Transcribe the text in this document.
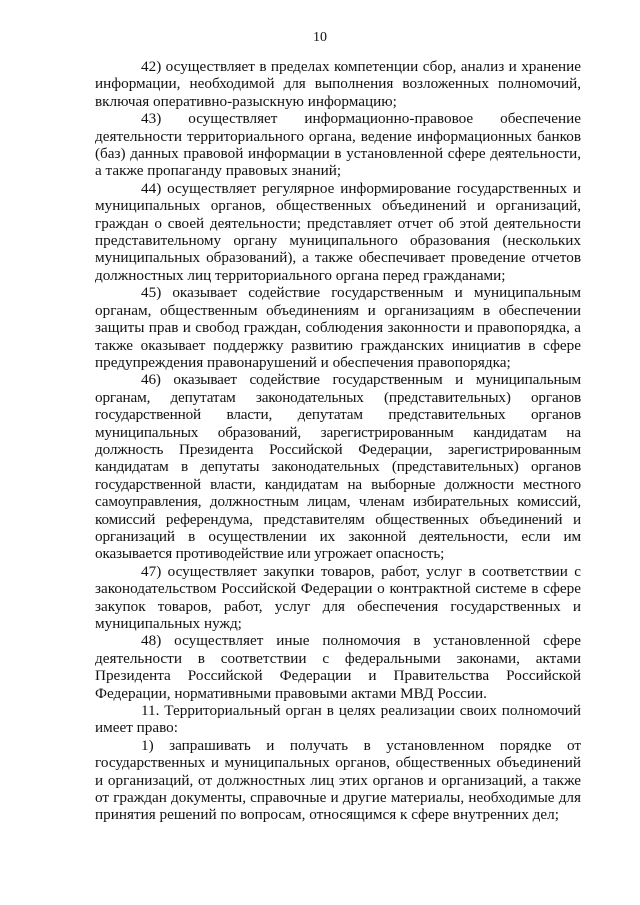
10

42) осуществляет в пределах компетенции сбор, анализ и хранение информации, необходимой для выполнения возложенных полномочий, включая оперативно-разыскную информацию;

43) осуществляет информационно-правовое обеспечение деятельности территориального органа, ведение информационных банков (баз) данных правовой информации в установленной сфере деятельности, а также пропаганду правовых знаний;

44) осуществляет регулярное информирование государственных и муниципальных органов, общественных объединений и организаций, граждан о своей деятельности; представляет отчет об этой деятельности представительному органу муниципального образования (нескольких муниципальных образований), а также обеспечивает проведение отчетов должностных лиц территориального органа перед гражданами;

45) оказывает содействие государственным и муниципальным органам, общественным объединениям и организациям в обеспечении защиты прав и свобод граждан, соблюдения законности и правопорядка, а также оказывает поддержку развитию гражданских инициатив в сфере предупреждения правонарушений и обеспечения правопорядка;

46) оказывает содействие государственным и муниципальным органам, депутатам законодательных (представительных) органов государственной власти, депутатам представительных органов муниципальных образований, зарегистрированным кандидатам на должность Президента Российской Федерации, зарегистрированным кандидатам в депутаты законодательных (представительных) органов государственной власти, кандидатам на выборные должности местного самоуправления, должностным лицам, членам избирательных комиссий, комиссий референдума, представителям общественных объединений и организаций в осуществлении их законной деятельности, если им оказывается противодействие или угрожает опасность;

47) осуществляет закупки товаров, работ, услуг в соответствии с законодательством Российской Федерации о контрактной системе в сфере закупок товаров, работ, услуг для обеспечения государственных и муниципальных нужд;

48) осуществляет иные полномочия в установленной сфере деятельности в соответствии с федеральными законами, актами Президента Российской Федерации и Правительства Российской Федерации, нормативными правовыми актами МВД России.

11. Территориальный орган в целях реализации своих полномочий имеет право:

1) запрашивать и получать в установленном порядке от государственных и муниципальных органов, общественных объединений и организаций, от должностных лиц этих органов и организаций, а также от граждан документы, справочные и другие материалы, необходимые для принятия решений по вопросам, относящимся к сфере внутренних дел;
